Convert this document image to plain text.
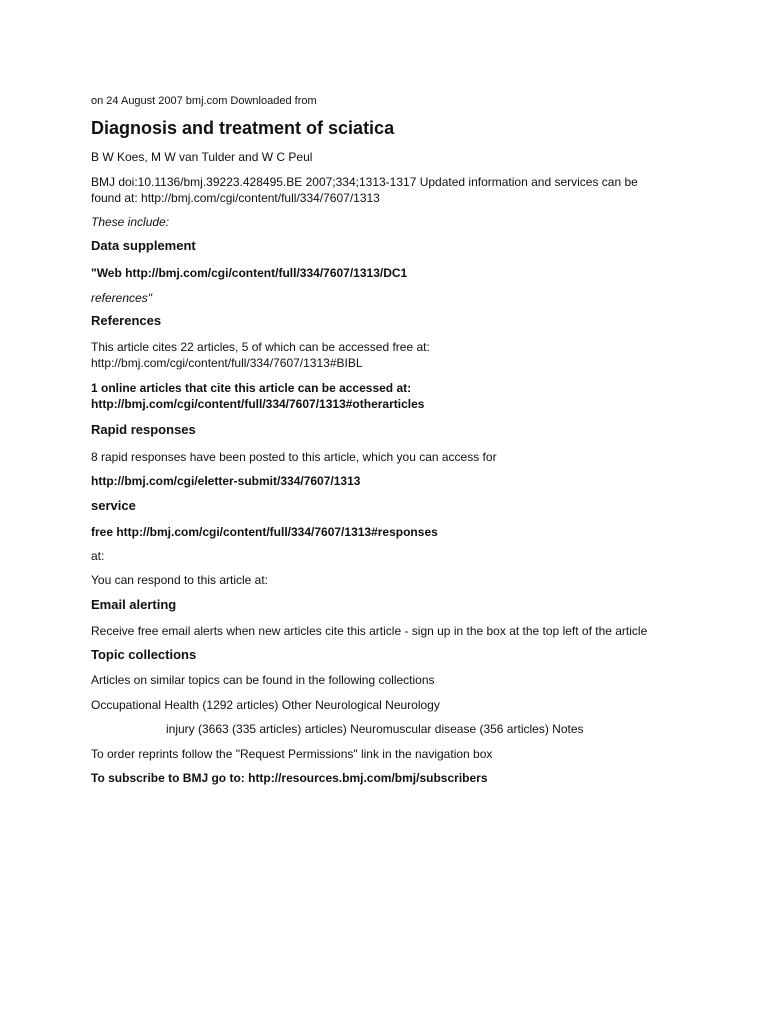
on 24 August 2007 bmj.com Downloaded from

Diagnosis and treatment of sciatica

B W Koes, M W van Tulder and W C Peul

BMJ doi:10.1136/bmj.39223.428495.BE 2007;334;1313-1317 Updated information and services can be

found at: http://bmj.com/cgi/content/full/334/7607/1313

These include:

Data supplement

"Web http://bmj.com/cgi/content/full/334/7607/1313/DC1

references"

References

This article cites 22 articles, 5 of which can be accessed free at:

http://bmj.com/cgi/content/full/334/7607/1313#BIBL

1 online articles that cite this article can be accessed at:

http://bmj.com/cgi/content/full/334/7607/1313#otherarticles

Rapid responses

8 rapid responses have been posted to this article, which you can access for

http://bmj.com/cgi/eletter-submit/334/7607/1313

service

free http://bmj.com/cgi/content/full/334/7607/1313#responses

at:

You can respond to this article at:

Email alerting

Receive free email alerts when new articles cite this article - sign up in the box at the top left of the article

Topic collections

Articles on similar topics can be found in the following collections

Occupational Health (1292 articles) Other Neurological Neurology

injury (3663 (335 articles) articles) Neuromuscular disease (356 articles) Notes

To order reprints follow the "Request Permissions" link in the navigation box

To subscribe to BMJ go to: http://resources.bmj.com/bmj/subscribers
